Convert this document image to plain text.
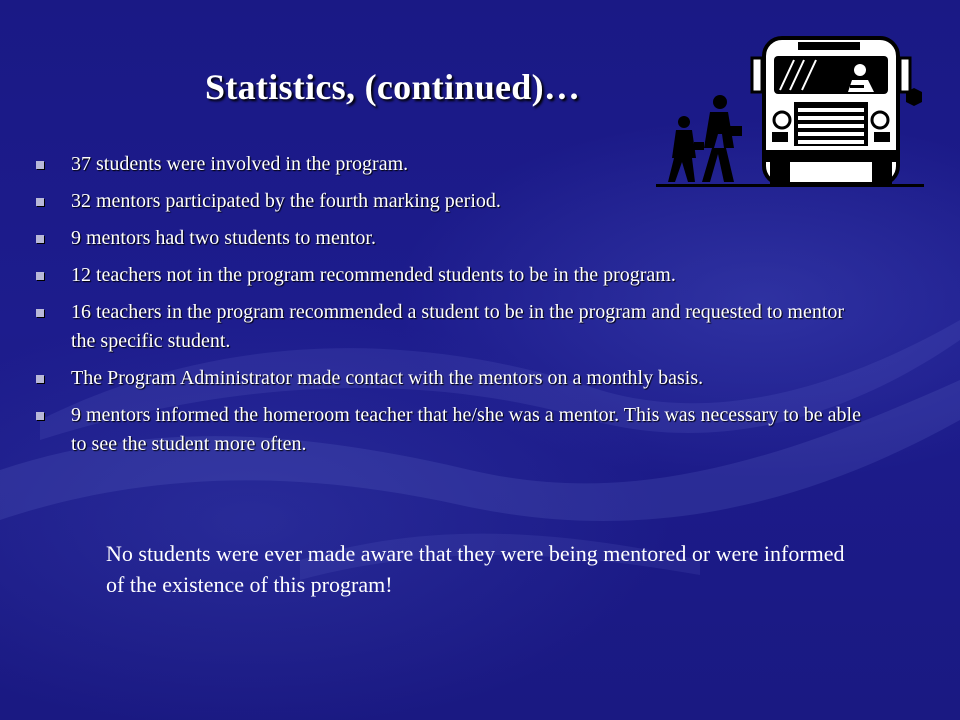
Statistics, (continued)…
37 students were involved in the program.
32 mentors participated by the fourth marking period.
9 mentors had two students to mentor.
12 teachers not in the program recommended students to be in the program.
16 teachers in the program recommended a student to be in the program and requested to mentor the specific student.
The Program Administrator made contact with the mentors on a monthly basis.
9 mentors informed the homeroom teacher that he/she was a mentor. This was necessary to be able to see the student more often.
No students were ever made aware that they were being mentored or were informed of the existence of this program!
